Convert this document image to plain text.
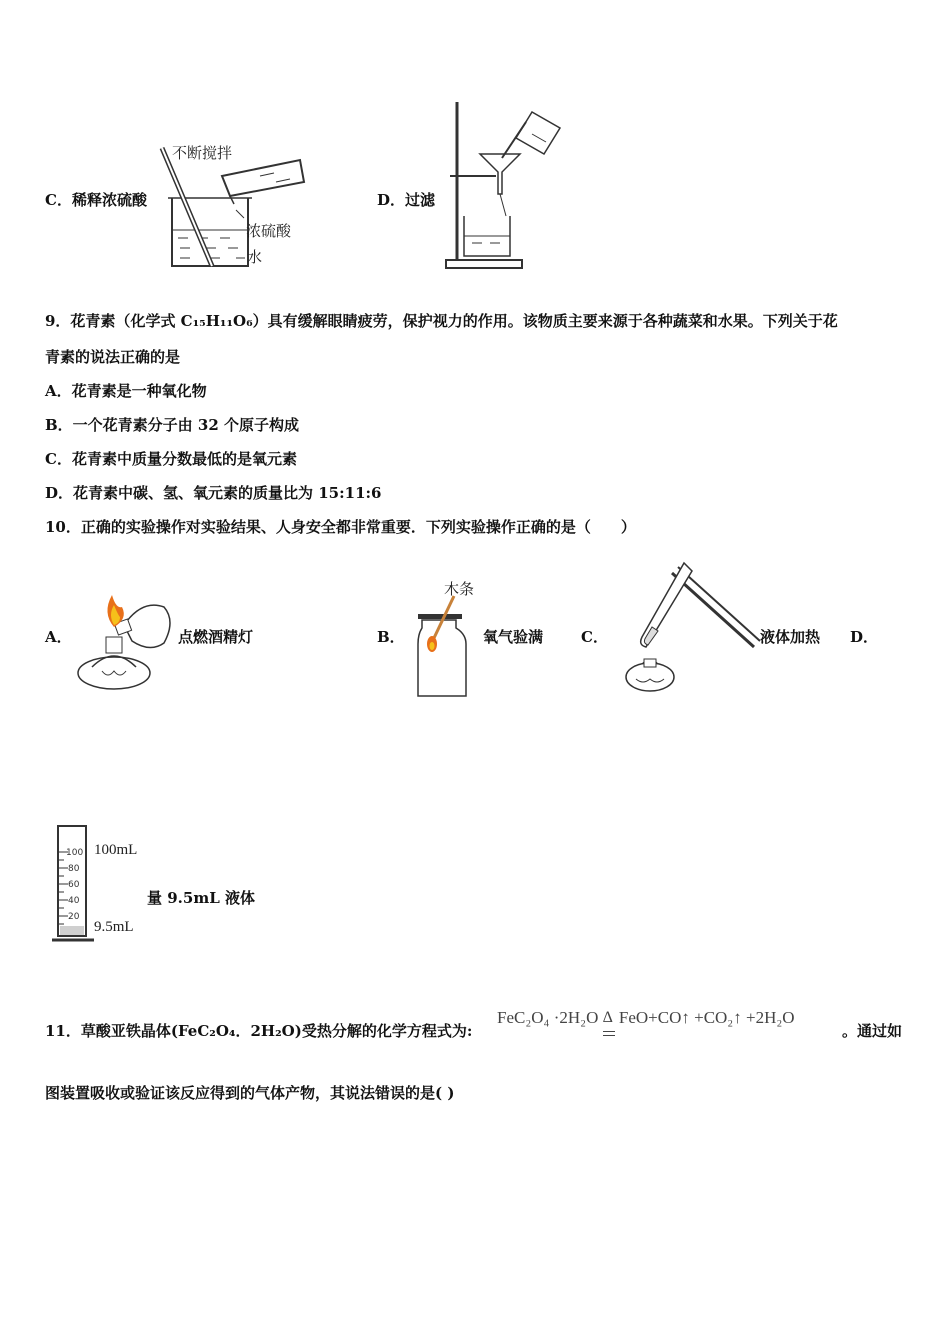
不断搅拌
浓硫酸
水
C．稀释浓硫酸	D．过滤
9．花青素（化学式 C₁₅H₁₁O₆）具有缓解眼睛疲劳，保护视力的作用。该物质主要来源于各种蔬菜和水果。下列关于花
青素的说法正确的是
A．花青素是一种氧化物
B．一个花青素分子由 32 个原子构成
C．花青素中质量分数最低的是氧元素
D．花青素中碳、氢、氧元素的质量比为 15:11:6
10．正确的实验操作对实验结果、人身安全都非常重要．下列实验操作正确的是（　　）
A．	点燃酒精灯	B．
木条
氧气验满	C．	液体加热 D．
100
80
60
40
20
100mL
9.5mL
量 9.5mL 液体
11．草酸亚铁晶体(FeC₂O₄．2H₂O)受热分解的化学方程式为:
FeC₂O₄ ·2H₂O Δ FeO+CO↑ +CO₂↑ +2H₂O
。通过如
图装置吸收或验证该反应得到的气体产物，其说法错误的是( )
